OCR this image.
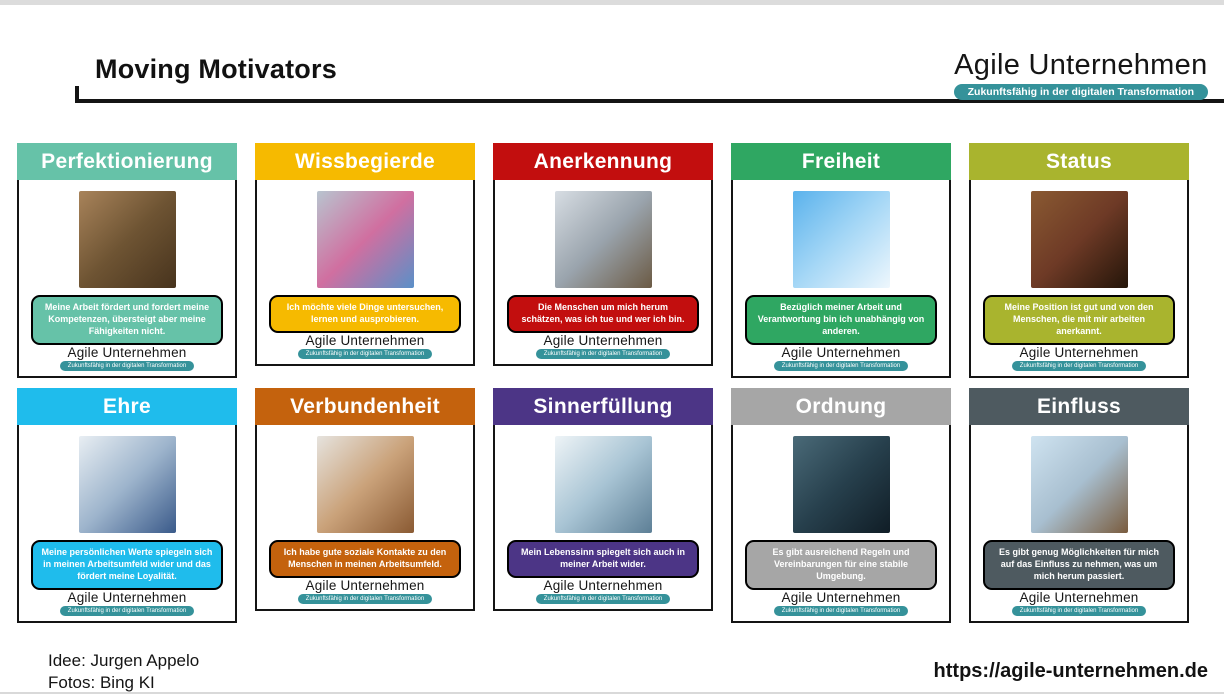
Moving Motivators	Agile Unternehmen
Zukunftsfähig in der digitalen Transformation
Perfektionierung
Meine Arbeit fördert und fordert meine Kompetenzen, übersteigt aber meine Fähigkeiten nicht.
Agile Unternehmen
Zukunftsfähig in der digitalen Transformation
Wissbegierde
Ich möchte viele Dinge untersuchen, lernen und ausprobieren.
Agile Unternehmen
Zukunftsfähig in der digitalen Transformation
Anerkennung
Die Menschen um mich herum schätzen, was ich tue und wer ich bin.
Agile Unternehmen
Zukunftsfähig in der digitalen Transformation
Freiheit
Bezüglich meiner Arbeit und Verantwortung bin ich unabhängig von anderen.
Agile Unternehmen
Zukunftsfähig in der digitalen Transformation
Status
Meine Position ist gut und von den Menschen, die mit mir arbeiten anerkannt.
Agile Unternehmen
Zukunftsfähig in der digitalen Transformation
Ehre
Meine persönlichen Werte spiegeln sich in meinen Arbeitsumfeld wider und das fördert meine Loyalität.
Agile Unternehmen
Zukunftsfähig in der digitalen Transformation
Verbundenheit
Ich habe gute soziale Kontakte zu den Menschen in meinen Arbeitsumfeld.
Agile Unternehmen
Zukunftsfähig in der digitalen Transformation
Sinnerfüllung
Mein Lebenssinn spiegelt sich auch in meiner Arbeit wider.
Agile Unternehmen
Zukunftsfähig in der digitalen Transformation
Ordnung
Es gibt ausreichend Regeln und Vereinbarungen für eine stabile Umgebung.
Agile Unternehmen
Zukunftsfähig in der digitalen Transformation
Einfluss
Es gibt genug Möglichkeiten für mich auf das Einfluss zu nehmen, was um mich herum passiert.
Agile Unternehmen
Zukunftsfähig in der digitalen Transformation
Idee: Jurgen Appelo
Fotos: Bing KI
https://agile-unternehmen.de
